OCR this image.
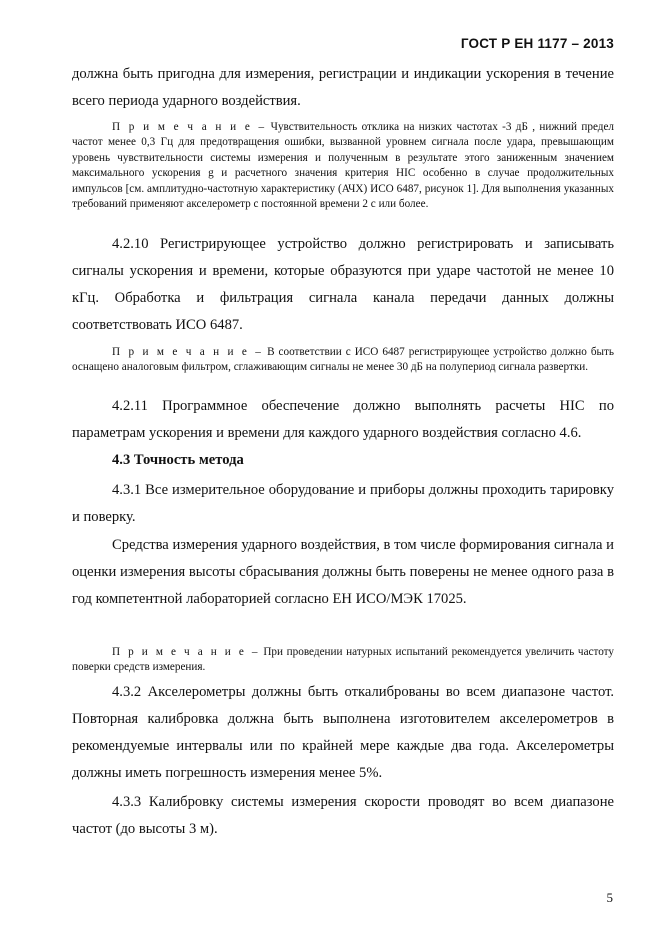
ГОСТ Р ЕН 1177 – 2013
должна быть пригодна для измерения, регистрации и индикации ускорения в течение всего периода ударного воздействия.
П р и м е ч а н и е – Чувствительность отклика на низких частотах -3 дБ , нижний предел частот менее 0,3 Гц для предотвращения ошибки, вызванной уровнем сигнала после удара, превышающим уровень чувствительности системы измерения и полученным в результате этого заниженным значением максимального ускорения g и расчетного значения критерия HIC особенно в случае продолжительных импульсов [см. амплитудно-частотную характеристику (АЧХ) ИСО 6487, рисунок 1]. Для выполнения указанных требований применяют акселерометр с постоянной времени 2 с или более.
4.2.10 Регистрирующее устройство должно регистрировать и записывать сигналы ускорения и времени, которые образуются при ударе частотой не менее 10 кГц. Обработка и фильтрация сигнала канала передачи данных должны соответствовать ИСО 6487.
П р и м е ч а н и е – В соответствии с ИСО 6487 регистрирующее устройство должно быть оснащено аналоговым фильтром, сглаживающим сигналы не менее 30 дБ на полупериод сигнала развертки.
4.2.11 Программное обеспечение должно выполнять расчеты HIC по параметрам ускорения и времени для каждого ударного воздействия согласно 4.6.
4.3 Точность метода
4.3.1 Все измерительное оборудование и приборы должны проходить тарировку и поверку.
Средства измерения ударного воздействия, в том числе формирования сигнала и оценки измерения высоты сбрасывания должны быть поверены не менее одного раза в год компетентной лабораторией согласно ЕН ИСО/МЭК 17025.
П р и м е ч а н и е – При проведении натурных испытаний рекомендуется увеличить частоту поверки средств измерения.
4.3.2 Акселерометры должны быть откалиброваны во всем диапазоне частот. Повторная калибровка должна быть выполнена изготовителем акселерометров в рекомендуемые интервалы или по крайней мере каждые два года. Акселерометры должны иметь погрешность измерения менее 5%.
4.3.3 Калибровку системы измерения скорости проводят во всем диапазоне частот (до высоты 3 м).
5
